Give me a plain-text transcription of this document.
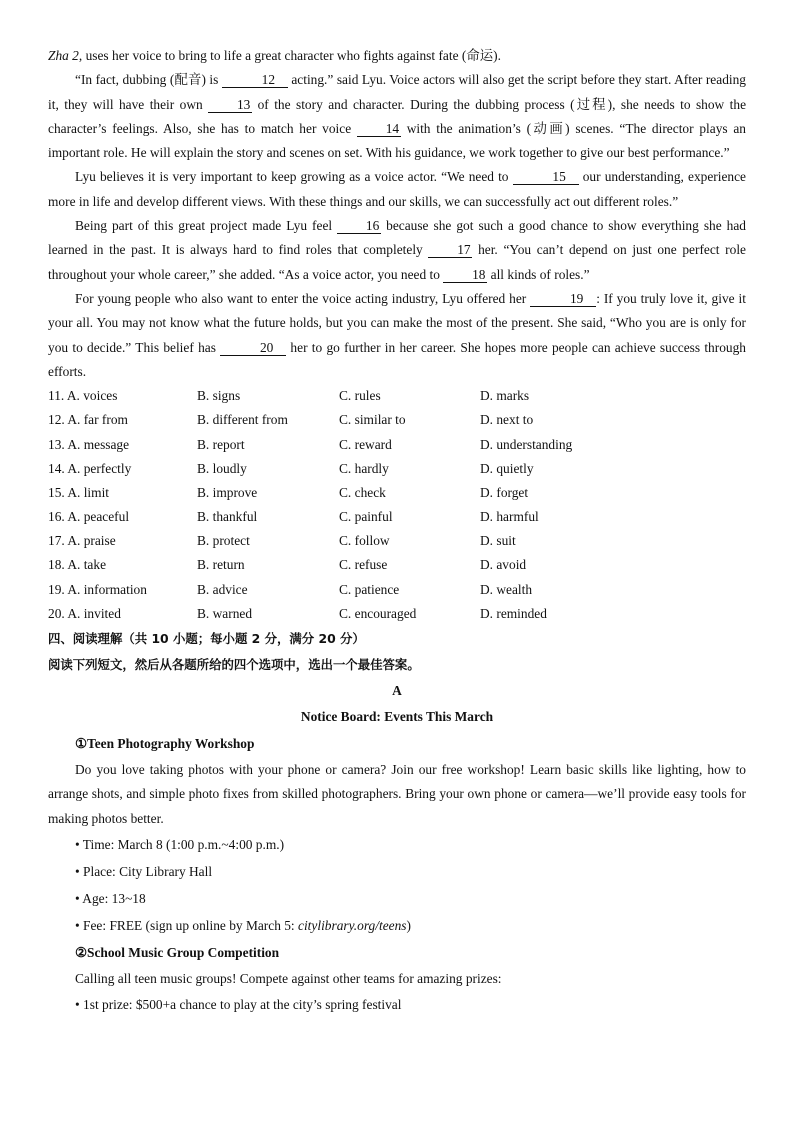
Zha 2, uses her voice to bring to life a great character who fights against fate (命运).

“In fact, dubbing (配音) is	12 acting.” said Lyu. Voice actors will also get the script before they start. After reading it, they will have their own 13 of the story and character. During the dubbing process (过程), she needs to show the character’s feelings. Also, she has to match her voice 14 with the animation’s (动画) scenes. “The director plays an important role. He will explain the story and scenes on set. With his guidance, we work together to give our best performance.”

Lyu believes it is very important to keep growing as a voice actor. “We need to	15 our understanding, experience more in life and develop different views. With these things and our skills, we can successfully act out different roles.”

Being part of this great project made Lyu feel 16 because she got such a good chance to show everything she had learned in the past. It is always hard to find roles that completely 17 her. “You can’t depend on just one perfect role throughout your whole career,” she added. “As a voice actor, you need to 18 all kinds of roles.”

For young people who also want to enter the voice acting industry, Lyu offered her	19 : If you truly love it, give it your all. You may not know what the future holds, but you can make the most of the present. She said, “Who you are is only for you to decide.” This belief has	20 her to go further in her career. She hopes more people can achieve success through efforts.

11. A. voices	B. signs	C. rules	D. marks
12. A. far from	B. different from	C. similar to	D. next to
13. A. message	B. report	C. reward	D. understanding
14. A. perfectly	B. loudly	C. hardly	D. quietly
15. A. limit	B. improve	C. check	D. forget
16. A. peaceful	B. thankful	C. painful	D. harmful
17. A. praise	B. protect	C. follow	D. suit
18. A. take	B. return	C. refuse	D. avoid
19. A. information	B. advice	C. patience	D. wealth
20. A. invited	B. warned	C. encouraged	D. reminded

四、阅读理解（共 10 小题；每小题 2 分，满分 20 分）

阅读下列短文，然后从各题所给的四个选项中，选出一个最佳答案。

A

Notice Board: Events This March

①Teen Photography Workshop

Do you love taking photos with your phone or camera? Join our free workshop! Learn basic skills like lighting, how to arrange shots, and simple photo fixes from skilled photographers. Bring your own phone or camera—we’ll provide easy tools for making photos better.

• Time: March 8 (1:00 p.m.~4:00 p.m.)

• Place: City Library Hall

• Age: 13~18

• Fee: FREE (sign up online by March 5: citylibrary.org/teens)

②School Music Group Competition

Calling all teen music groups! Compete against other teams for amazing prizes:

• 1st prize: $500+a chance to play at the city’s spring festival
